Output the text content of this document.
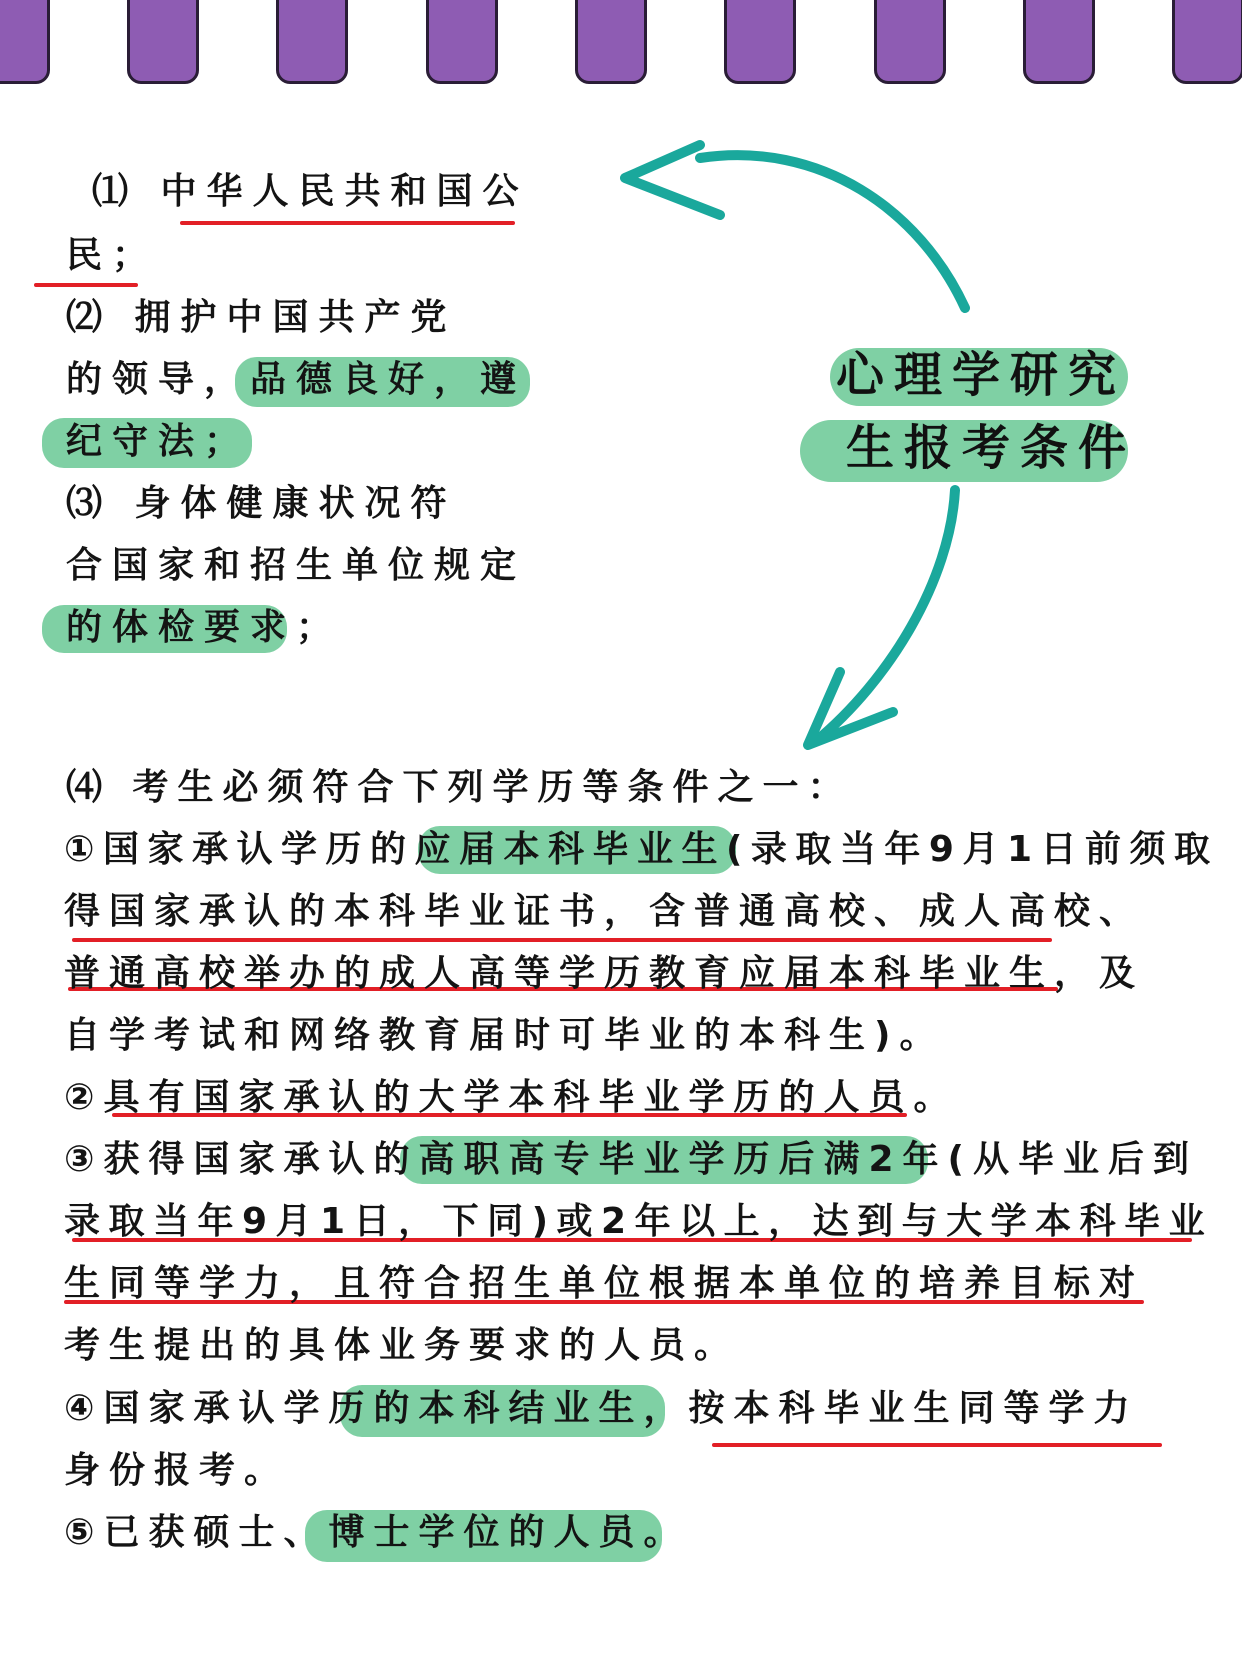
心理学研究
生报考条件
⑴ 中华人民共和国公
民；
⑵ 拥护中国共产党
的领导，品德良好，遵
纪守法；
⑶ 身体健康状况符
合国家和招生单位规定
的体检要求；
⑷ 考生必须符合下列学历等条件之一：
①国家承认学历的应届本科毕业生(录取当年9月1日前须取
得国家承认的本科毕业证书，含普通高校、成人高校、
普通高校举办的成人高等学历教育应届本科毕业生，及
自学考试和网络教育届时可毕业的本科生)。
②具有国家承认的大学本科毕业学历的人员。
③获得国家承认的高职高专毕业学历后满2年(从毕业后到
录取当年9月1日，下同)或2年以上，达到与大学本科毕业
生同等学力，且符合招生单位根据本单位的培养目标对
考生提出的具体业务要求的人员。
④国家承认学历的本科结业生，按本科毕业生同等学力
身份报考。
⑤已获硕士、博士学位的人员。
